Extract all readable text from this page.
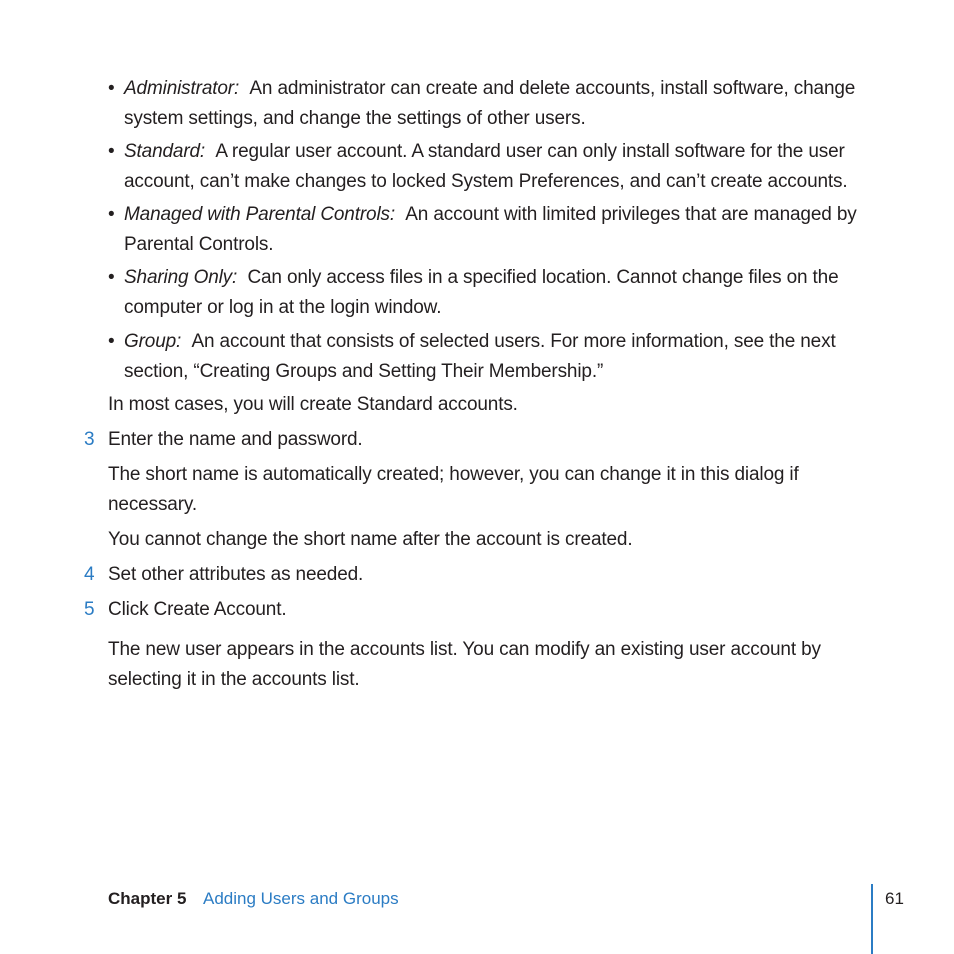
• Administrator: An administrator can create and delete accounts, install software, change system settings, and change the settings of other users.
• Standard: A regular user account. A standard user can only install software for the user account, can’t make changes to locked System Preferences, and can’t create accounts.
• Managed with Parental Controls: An account with limited privileges that are managed by Parental Controls.
• Sharing Only: Can only access files in a specified location. Cannot change files on the computer or log in at the login window.
• Group: An account that consists of selected users. For more information, see the next section, “Creating Groups and Setting Their Membership.”
In most cases, you will create Standard accounts.
3 Enter the name and password.
The short name is automatically created; however, you can change it in this dialog if necessary.
You cannot change the short name after the account is created.
4 Set other attributes as needed.
5 Click Create Account.
The new user appears in the accounts list. You can modify an existing user account by selecting it in the accounts list.
Chapter 5 Adding Users and Groups	61
